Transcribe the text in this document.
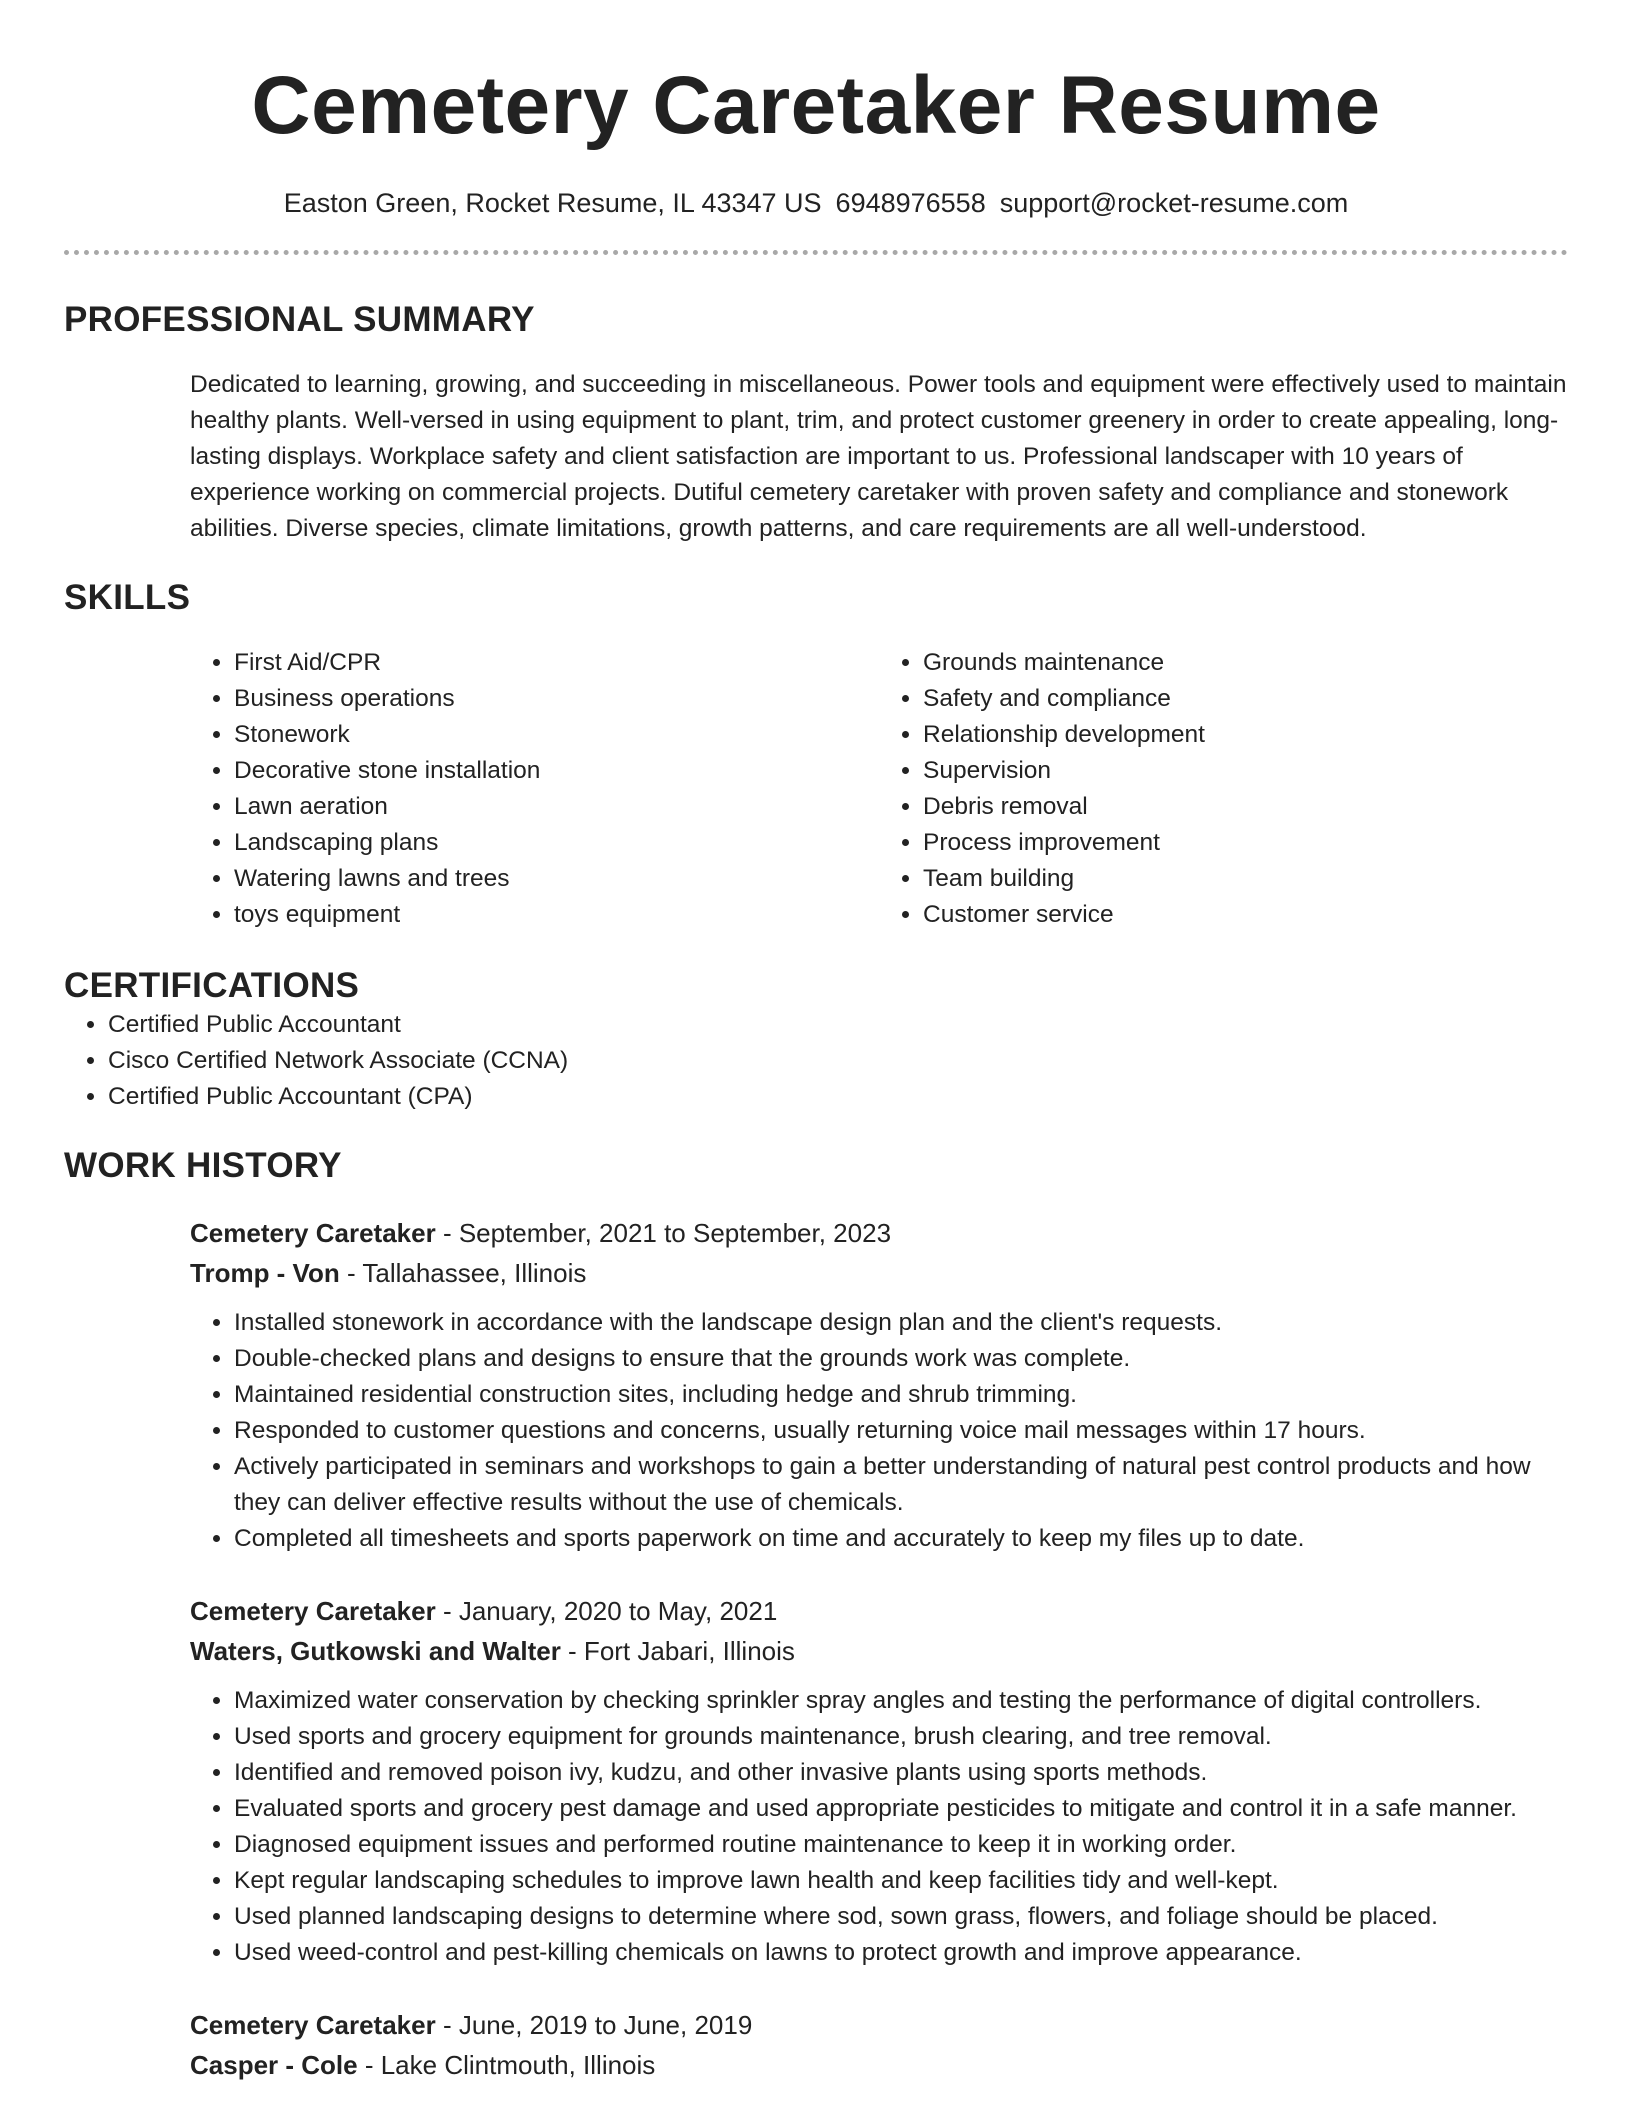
Cemetery Caretaker Resume
Easton Green, Rocket Resume, IL 43347 US 6948976558 support@rocket-resume.com
PROFESSIONAL SUMMARY

Dedicated to learning, growing, and succeeding in miscellaneous. Power tools and equipment were effectively used to maintain healthy plants. Well-versed in using equipment to plant, trim, and protect customer greenery in order to create appealing, long-lasting displays. Workplace safety and client satisfaction are important to us. Professional landscaper with 10 years of experience working on commercial projects. Dutiful cemetery caretaker with proven safety and compliance and stonework abilities. Diverse species, climate limitations, growth patterns, and care requirements are all well-understood.

SKILLS
• First Aid/CPR
• Business operations
• Stonework
• Decorative stone installation
• Lawn aeration
• Landscaping plans
• Watering lawns and trees
• toys equipment
• Grounds maintenance
• Safety and compliance
• Relationship development
• Supervision
• Debris removal
• Process improvement
• Team building
• Customer service
CERTIFICATIONS
• Certified Public Accountant
• Cisco Certified Network Associate (CCNA)
• Certified Public Accountant (CPA)
WORK HISTORY
Cemetery Caretaker - September, 2021 to September, 2023
Tromp - Von - Tallahassee, Illinois
• Installed stonework in accordance with the landscape design plan and the client's requests.
• Double-checked plans and designs to ensure that the grounds work was complete.
• Maintained residential construction sites, including hedge and shrub trimming.
• Responded to customer questions and concerns, usually returning voice mail messages within 17 hours.
• Actively participated in seminars and workshops to gain a better understanding of natural pest control products and how they can deliver effective results without the use of chemicals.
• Completed all timesheets and sports paperwork on time and accurately to keep my files up to date.
Cemetery Caretaker - January, 2020 to May, 2021
Waters, Gutkowski and Walter - Fort Jabari, Illinois
• Maximized water conservation by checking sprinkler spray angles and testing the performance of digital controllers.
• Used sports and grocery equipment for grounds maintenance, brush clearing, and tree removal.
• Identified and removed poison ivy, kudzu, and other invasive plants using sports methods.
• Evaluated sports and grocery pest damage and used appropriate pesticides to mitigate and control it in a safe manner.
• Diagnosed equipment issues and performed routine maintenance to keep it in working order.
• Kept regular landscaping schedules to improve lawn health and keep facilities tidy and well-kept.
• Used planned landscaping designs to determine where sod, sown grass, flowers, and foliage should be placed.
• Used weed-control and pest-killing chemicals on lawns to protect growth and improve appearance.
Cemetery Caretaker - June, 2019 to June, 2019
Casper - Cole - Lake Clintmouth, Illinois
